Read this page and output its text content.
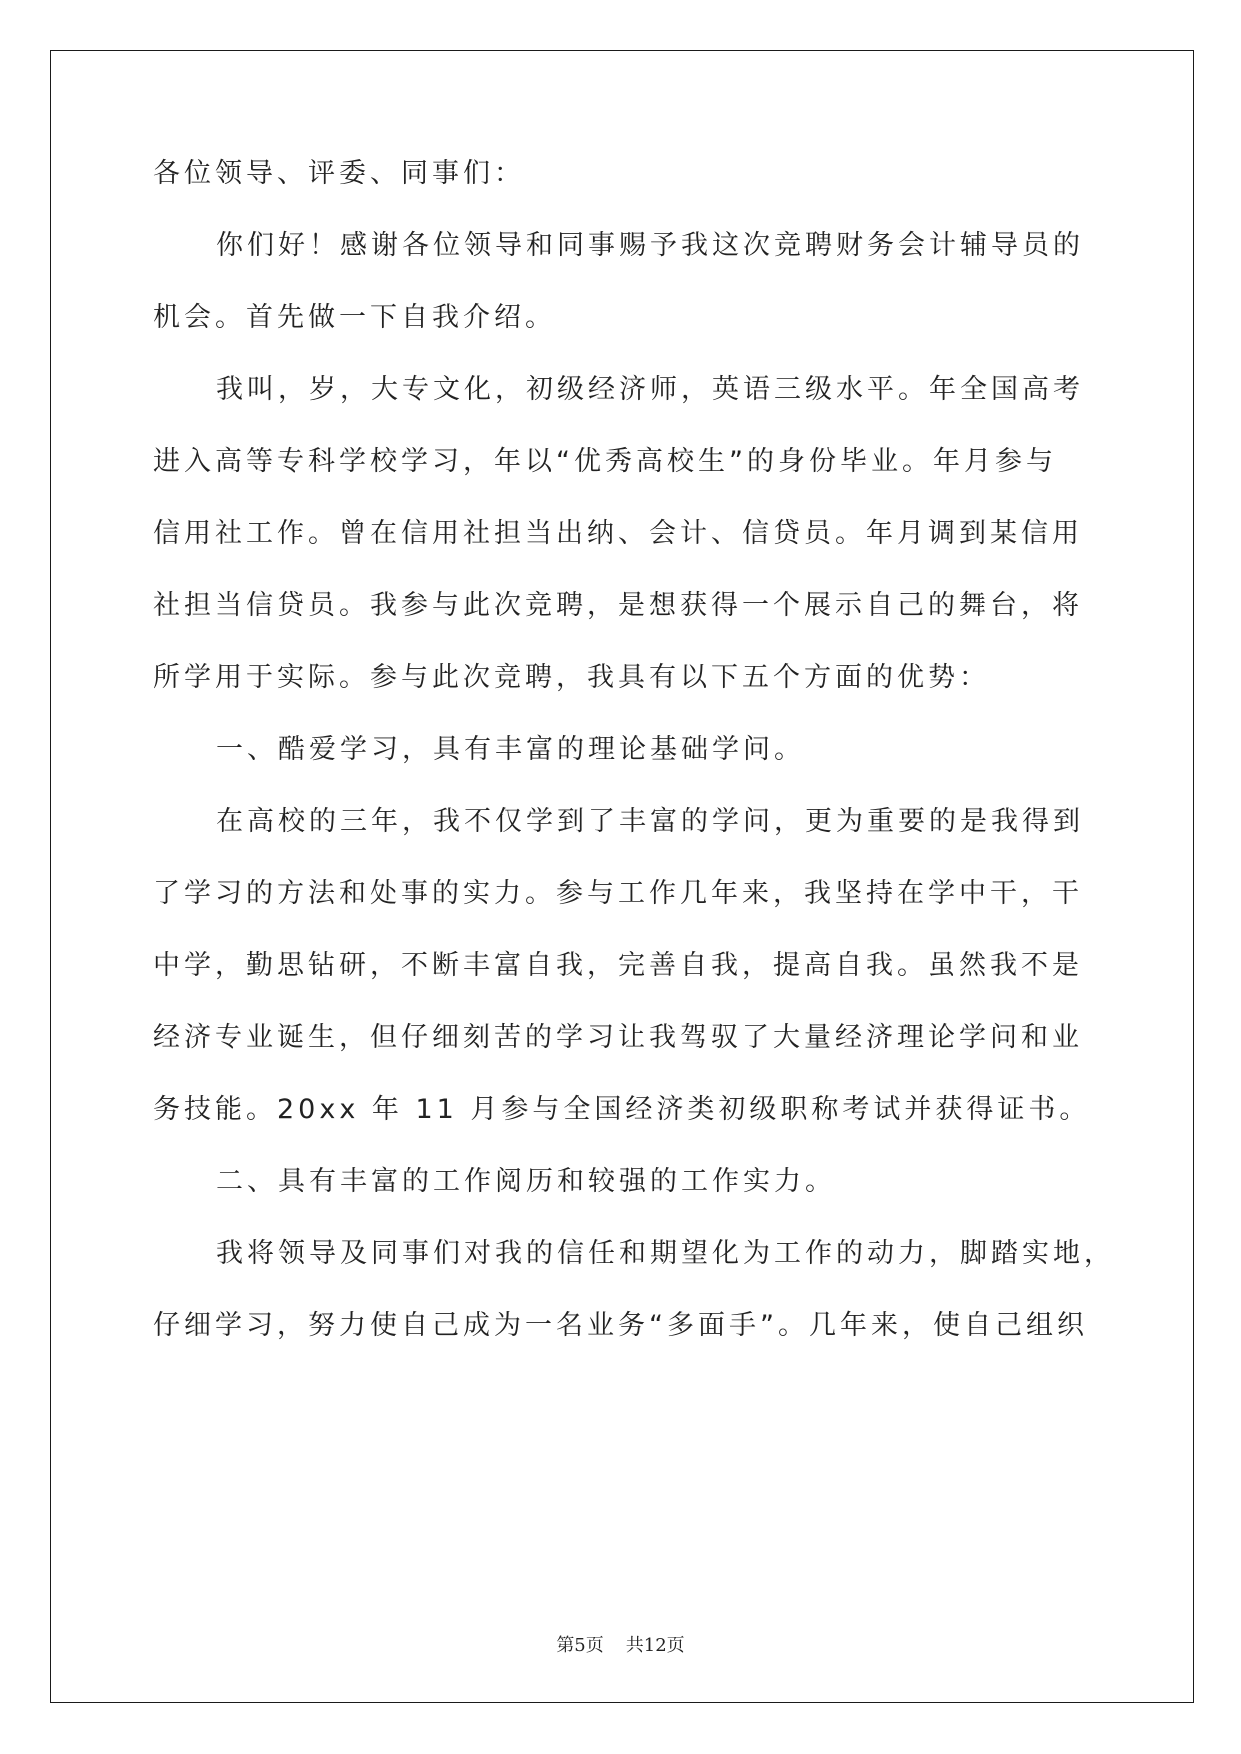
各位领导、评委、同事们：

你们好！感谢各位领导和同事赐予我这次竞聘财务会计辅导员的

机会。首先做一下自我介绍。

我叫，岁，大专文化，初级经济师，英语三级水平。年全国高考

进入高等专科学校学习，年以“优秀高校生”的身份毕业。年月参与

信用社工作。曾在信用社担当出纳、会计、信贷员。年月调到某信用

社担当信贷员。我参与此次竞聘，是想获得一个展示自己的舞台，将

所学用于实际。参与此次竞聘，我具有以下五个方面的优势：

一、酷爱学习，具有丰富的理论基础学问。

在高校的三年，我不仅学到了丰富的学问，更为重要的是我得到

了学习的方法和处事的实力。参与工作几年来，我坚持在学中干，干

中学，勤思钻研，不断丰富自我，完善自我，提高自我。虽然我不是

经济专业诞生，但仔细刻苦的学习让我驾驭了大量经济理论学问和业

务技能。20xx 年 11 月参与全国经济类初级职称考试并获得证书。

二、具有丰富的工作阅历和较强的工作实力。

我将领导及同事们对我的信任和期望化为工作的动力，脚踏实地，

仔细学习，努力使自己成为一名业务“多面手”。几年来，使自己组织

第5页 共12页
